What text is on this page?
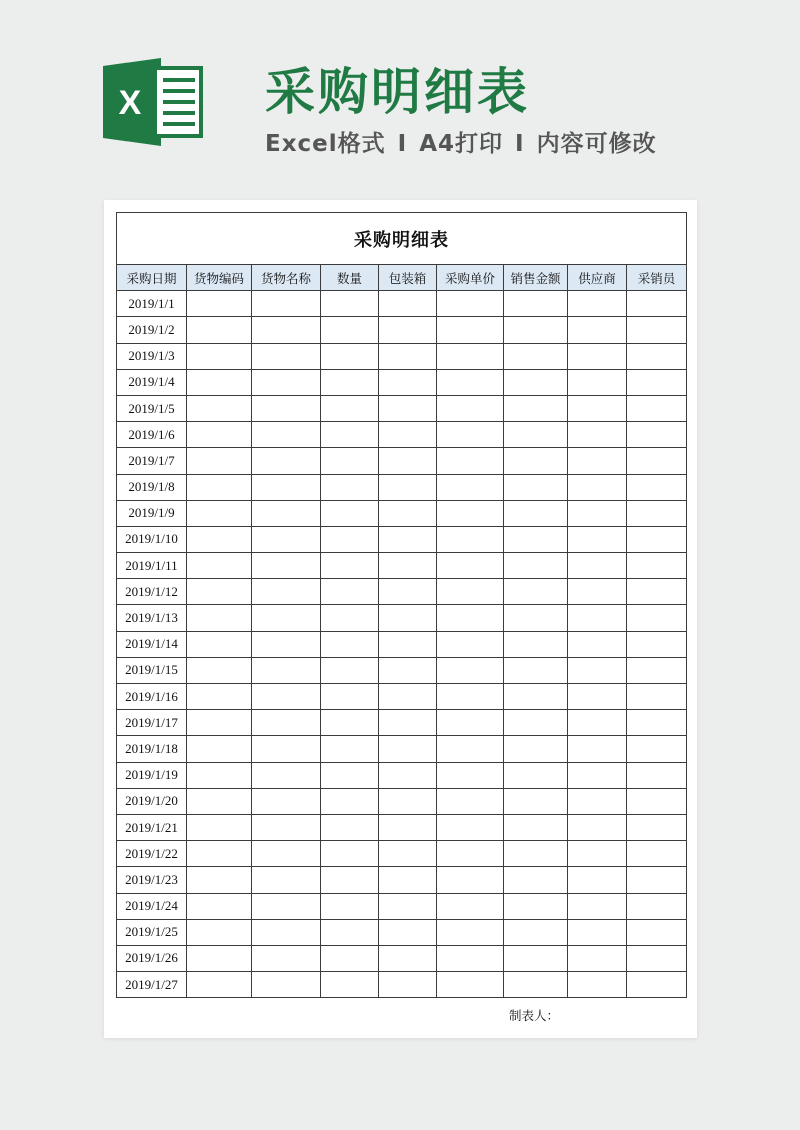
X 采购明细表
Excel格式 I A4打印 I 内容可修改
采购明细表								
采购日期	货物编码	货物名称	数量	包装箱	采购单价	销售金额	供应商	采销员
2019/1/1								
2019/1/2								
2019/1/3								
2019/1/4								
2019/1/5								
2019/1/6								
2019/1/7								
2019/1/8								
2019/1/9								
2019/1/10								
2019/1/11								
2019/1/12								
2019/1/13								
2019/1/14								
2019/1/15								
2019/1/16								
2019/1/17								
2019/1/18								
2019/1/19								
2019/1/20								
2019/1/21								
2019/1/22								
2019/1/23								
2019/1/24								
2019/1/25								
2019/1/26								
2019/1/27								
制表人：
